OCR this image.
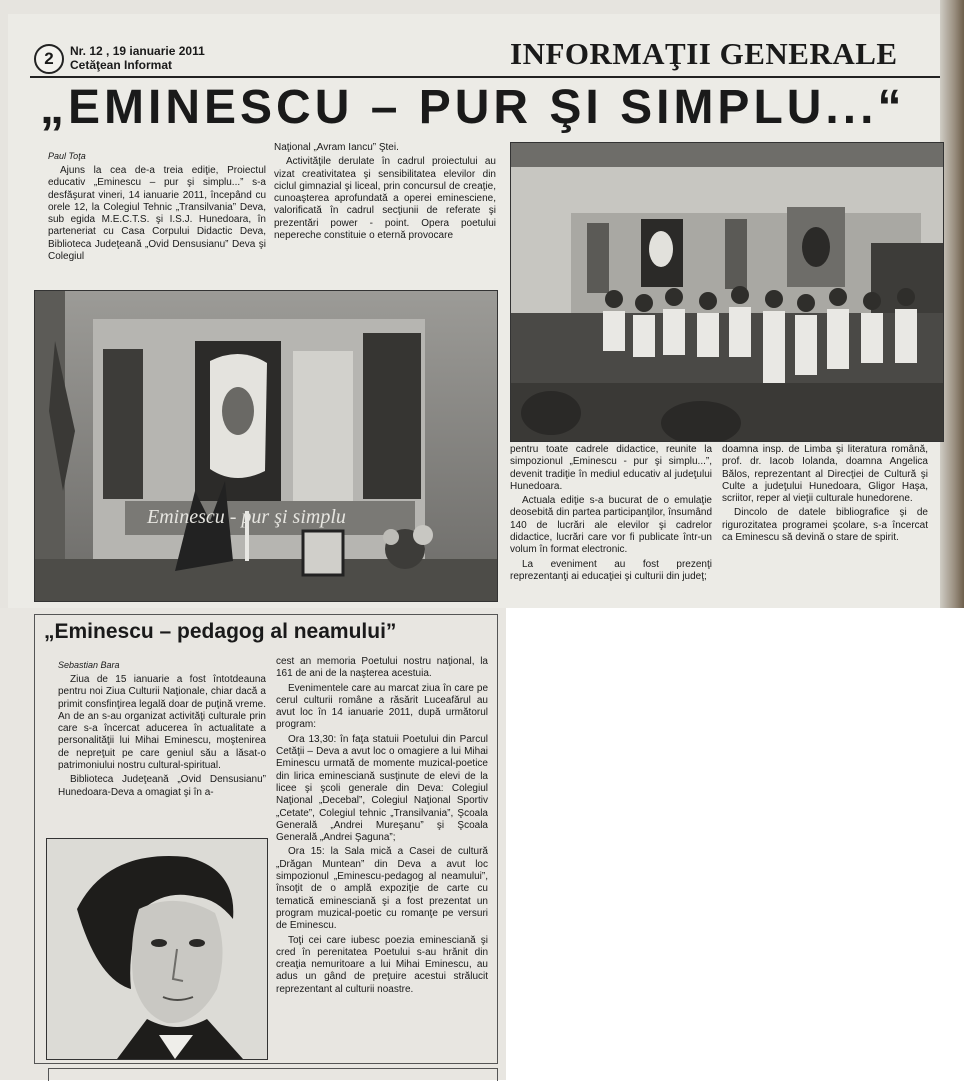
2	Nr. 12 , 19 ianuarie 2011
Cetăţean Informat	INFORMAŢII GENERALE
„EMINESCU – PUR ŞI SIMPLU...“
Paul Toţa

Ajuns la cea de-a treia ediţie, Proiectul educativ „Eminescu – pur şi simplu...” s-a desfăşurat vineri, 14 ianuarie 2011, începând cu orele 12, la Colegiul Tehnic „Transilvania” Deva, sub egida M.E.C.T.S. şi I.S.J. Hunedoara, în parteneriat cu Casa Corpului Didactic Deva, Biblioteca Judeţeană „Ovid Densusianu” Deva şi Colegiul

Naţional „Avram Iancu” Ştei.

Activităţile derulate în cadrul proiectului au vizat creativitatea şi sensibilitatea elevilor din ciclul gimnazial şi liceal, prin concursul de creaţie, cunoaşterea aprofundată a operei eminesciene, valorificată în cadrul secţiunii de referate şi prezentări power - point. Opera poetului nepereche constituie o eternă provocare

Eminescu - pur şi simplu

pentru toate cadrele didactice, reunite la simpozionul „Eminescu - pur şi simplu...”, devenit tradiţie în mediul educativ al judeţului Hunedoara.

Actuala ediţie s-a bucurat de o emulaţie deosebită din partea participanţilor, însumând 140 de lucrări ale elevilor şi cadrelor didactice, lucrări care vor fi publicate într-un volum în format electronic.

La eveniment au fost prezenţi reprezentanţi ai educaţiei şi culturii din judeţ;

doamna insp. de Limba şi literatura română, prof. dr. Iacob Iolanda, doamna Angelica Bălos, reprezentant al Direcţiei de Cultură şi Culte a judeţului Hunedoara, Gligor Haşa, scriitor, reper al vieţii culturale hunedorene.

Dincolo de datele bibliografice şi de rigurozitatea programei şcolare, s-a încercat ca Eminescu să devină o stare de spirit.

„Eminescu – pedagog al neamului”
Sebastian Bara

Ziua de 15 ianuarie a fost întotdeauna pentru noi Ziua Culturii Naţionale, chiar dacă a primit consfinţirea legală doar de puţină vreme. An de an s-au organizat activităţi culturale prin care s-a încercat aducerea în actualitate a personalităţii lui Mihai Eminescu, moştenirea de nepreţuit pe care geniul său a lăsat-o patrimoniului nostru cultural-spiritual.

Biblioteca Judeţeană „Ovid Densusianu” Hunedoara-Deva a omagiat şi în a-

cest an memoria Poetului nostru naţional, la 161 de ani de la naşterea acestuia.

Evenimentele care au marcat ziua în care pe cerul culturii române a răsărit Luceafărul au avut loc în 14 ianuarie 2011, după următorul program:

Ora 13,30: în faţa statuii Poetului din Parcul Cetăţii – Deva a avut loc o omagiere a lui Mihai Eminescu urmată de momente muzical-poetice din lirica eminesciană susţinute de elevi de la licee şi şcoli generale din Deva: Colegiul Naţional „Decebal”, Colegiul Naţional Sportiv „Cetate”, Colegiul tehnic „Transilvania”, Şcoala Generală „Andrei Mureşanu” şi Şcoala Generală „Andrei Şaguna”;

Ora 15: la Sala mică a Casei de cultură „Drăgan Muntean” din Deva a avut loc simpozionul „Eminescu-pedagog al neamului”, însoţit de o amplă expoziţie de carte cu tematică eminesciană şi a fost prezentat un program muzical-poetic cu romanţe pe versuri de Eminescu.

Toţi cei care iubesc poezia eminesciană şi cred în perenitatea Poetului s-au hrănit din creaţia nemuritoare a lui Mihai Eminescu, au adus un gând de preţuire acestui strălucit reprezentant al culturii noastre.
